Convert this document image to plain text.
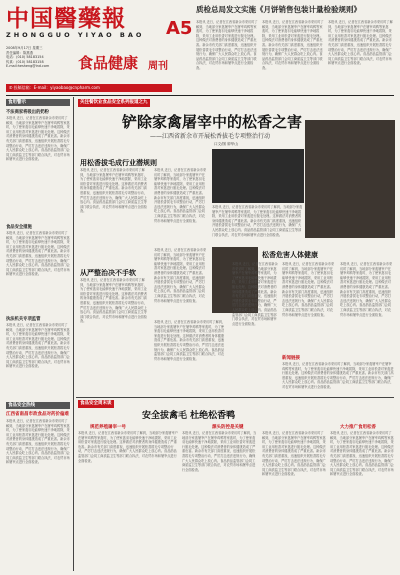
中国醫藥報
ZHONGGUO YIYAO BAO	A5
质检总局发文实施《月饼销售包装计量检验规则》
2008年9月17日 星期三
责任编辑：陈燕燕
电话：(010) 58183154
传真：(010) 58183158
E-mail:hesheng@ind.com	食品健康 周刊
✆ 投稿信箱：E-mail：yiyaobao@cnpharm.com
本报讯 近日，记者在江西省新余市采访时了解到，当地部分家禽屠宰户在屠宰鸡鸭等家禽时，为了使家禽羽毛能够快速干净地拔除，采用工业用松香对家禽进行脱毛处理。这种做法对消费者的身体健康造成了严重危害。新余市有关部门高度重视，迅速组织开展松香拔毛专项整治行动，严厉打击违法违规行为，确保广大人民群众吃上放心肉。食品药品监管部门会同工商质监卫生等部门联合执法，对农贸市场和屠宰点进行全面检查。
本报讯 近日，记者在江西省新余市采访时了解到，当地部分家禽屠宰户在屠宰鸡鸭等家禽时，为了使家禽羽毛能够快速干净地拔除，采用工业用松香对家禽进行脱毛处理。这种做法对消费者的身体健康造成了严重危害。新余市有关部门高度重视，迅速组织开展松香拔毛专项整治行动，严厉打击违法违规行为，确保广大人民群众吃上放心肉。食品药品监管部门会同工商质监卫生等部门联合执法，对农贸市场和屠宰点进行全面检查。
本报讯 近日，记者在江西省新余市采访时了解到，当地部分家禽屠宰户在屠宰鸡鸭等家禽时，为了使家禽羽毛能够快速干净地拔除，采用工业用松香对家禽进行脱毛处理。这种做法对消费者的身体健康造成了严重危害。新余市有关部门高度重视，迅速组织开展松香拔毛专项整治行动，严厉打击违法违规行为，确保广大人民群众吃上放心肉。食品药品监管部门会同工商质监卫生等部门联合执法，对农贸市场和屠宰点进行全面检查。
食用警示
不法商家将吸出的奶粉
本报讯 近日，记者在江西省新余市采访时了解到，当地部分家禽屠宰户在屠宰鸡鸭等家禽时，为了使家禽羽毛能够快速干净地拔除，采用工业用松香对家禽进行脱毛处理。这种做法对消费者的身体健康造成了严重危害。新余市有关部门高度重视，迅速组织开展松香拔毛专项整治行动，严厉打击违法违规行为，确保广大人民群众吃上放心肉。食品药品监管部门会同工商质监卫生等部门联合执法，对农贸市场和屠宰点进行全面检查。
食品安全措施
本报讯 近日，记者在江西省新余市采访时了解到，当地部分家禽屠宰户在屠宰鸡鸭等家禽时，为了使家禽羽毛能够快速干净地拔除，采用工业用松香对家禽进行脱毛处理。这种做法对消费者的身体健康造成了严重危害。新余市有关部门高度重视，迅速组织开展松香拔毛专项整治行动，严厉打击违法违规行为，确保广大人民群众吃上放心肉。食品药品监管部门会同工商质监卫生等部门联合执法，对农贸市场和屠宰点进行全面检查。
执法机关专项监管
本报讯 近日，记者在江西省新余市采访时了解到，当地部分家禽屠宰户在屠宰鸡鸭等家禽时，为了使家禽羽毛能够快速干净地拔除，采用工业用松香对家禽进行脱毛处理。这种做法对消费者的身体健康造成了严重危害。新余市有关部门高度重视，迅速组织开展松香拔毛专项整治行动，严厉打击违法违规行为，确保广大人民群众吃上放心肉。食品药品监管部门会同工商质监卫生等部门联合执法，对农贸市场和屠宰点进行全面检查。
食品安全热线
江西省南昌市政食品对药价偏难
本报讯 近日，记者在江西省新余市采访时了解到，当地部分家禽屠宰户在屠宰鸡鸭等家禽时，为了使家禽羽毛能够快速干净地拔除，采用工业用松香对家禽进行脱毛处理。这种做法对消费者的身体健康造成了严重危害。新余市有关部门高度重视，迅速组织开展松香拔毛专项整治行动，严厉打击违法违规行为，确保广大人民群众吃上放心肉。食品药品监管部门会同工商质监卫生等部门联合执法，对农贸市场和屠宰点进行全面检查。
关注餐饮业食品安全系列报道之九
铲除家禽屠宰中的松香之害
——江西省新余市开展松香拔毛专项整治行动
口文/图 廖华山
用松香拔毛成行业潜规则
本报讯 近日，记者在江西省新余市采访时了解到，当地部分家禽屠宰户在屠宰鸡鸭等家禽时，为了使家禽羽毛能够快速干净地拔除，采用工业用松香对家禽进行脱毛处理。这种做法对消费者的身体健康造成了严重危害。新余市有关部门高度重视，迅速组织开展松香拔毛专项整治行动，严厉打击违法违规行为，确保广大人民群众吃上放心肉。食品药品监管部门会同工商质监卫生等部门联合执法，对农贸市场和屠宰点进行全面检查。
本报讯 近日，记者在江西省新余市采访时了解到，当地部分家禽屠宰户在屠宰鸡鸭等家禽时，为了使家禽羽毛能够快速干净地拔除，采用工业用松香对家禽进行脱毛处理。这种做法对消费者的身体健康造成了严重危害。新余市有关部门高度重视，迅速组织开展松香拔毛专项整治行动，严厉打击违法违规行为，确保广大人民群众吃上放心肉。食品药品监管部门会同工商质监卫生等部门联合执法，对农贸市场和屠宰点进行全面检查。
本报讯 近日，记者在江西省新余市采访时了解到，当地部分家禽屠宰户在屠宰鸡鸭等家禽时，为了使家禽羽毛能够快速干净地拔除，采用工业用松香对家禽进行脱毛处理。这种做法对消费者的身体健康造成了严重危害。新余市有关部门高度重视，迅速组织开展松香拔毛专项整治行动，严厉打击违法违规行为，确保广大人民群众吃上放心肉。食品药品监管部门会同工商质监卫生等部门联合执法，对农贸市场和屠宰点进行全面检查。
本报讯 近日，记者在江西省新余市采访时了解到，当地部分家禽屠宰户在屠宰鸡鸭等家禽时，为了使家禽羽毛能够快速干净地拔除，采用工业用松香对家禽进行脱毛处理。这种做法对消费者的身体健康造成了严重危害。新余市有关部门高度重视，迅速组织开展松香拔毛专项整治行动，严厉打击违法违规行为，确保广大人民群众吃上放心肉。食品药品监管部门会同工商质监卫生等部门联合执法，对农贸市场和屠宰点进行全面检查。
从严整治决不手软
本报讯 近日，记者在江西省新余市采访时了解到，当地部分家禽屠宰户在屠宰鸡鸭等家禽时，为了使家禽羽毛能够快速干净地拔除，采用工业用松香对家禽进行脱毛处理。这种做法对消费者的身体健康造成了严重危害。新余市有关部门高度重视，迅速组织开展松香拔毛专项整治行动，严厉打击违法违规行为，确保广大人民群众吃上放心肉。食品药品监管部门会同工商质监卫生等部门联合执法，对农贸市场和屠宰点进行全面检查。	本报讯 近日，记者在江西省新余市采访时了解到，当地部分家禽屠宰户在屠宰鸡鸭等家禽时，为了使家禽羽毛能够快速干净地拔除，采用工业用松香对家禽进行脱毛处理。这种做法对消费者的身体健康造成了严重危害。新余市有关部门高度重视，迅速组织开展松香拔毛专项整治行动，严厉打击违法违规行为，确保广大人民群众吃上放心肉。食品药品监管部门会同工商质监卫生等部门联合执法，对农贸市场和屠宰点进行全面检查。
松香危害人体健康
本报讯 近日，记者在江西省新余市采访时了解到，当地部分家禽屠宰户在屠宰鸡鸭等家禽时，为了使家禽羽毛能够快速干净地拔除，采用工业用松香对家禽进行脱毛处理。这种做法对消费者的身体健康造成了严重危害。新余市有关部门高度重视，迅速组织开展松香拔毛专项整治行动，严厉打击违法违规行为，确保广大人民群众吃上放心肉。食品药品监管部门会同工商质监卫生等部门联合执法，对农贸市场和屠宰点进行全面检查。
本报讯 近日，记者在江西省新余市采访时了解到，当地部分家禽屠宰户在屠宰鸡鸭等家禽时，为了使家禽羽毛能够快速干净地拔除，采用工业用松香对家禽进行脱毛处理。这种做法对消费者的身体健康造成了严重危害。新余市有关部门高度重视，迅速组织开展松香拔毛专项整治行动，严厉打击违法违规行为，确保广大人民群众吃上放心肉。食品药品监管部门会同工商质监卫生等部门联合执法，对农贸市场和屠宰点进行全面检查。
本报讯 近日，记者在江西省新余市采访时了解到，当地部分家禽屠宰户在屠宰鸡鸭等家禽时，为了使家禽羽毛能够快速干净地拔除，采用工业用松香对家禽进行脱毛处理。这种做法对消费者的身体健康造成了严重危害。新余市有关部门高度重视，迅速组织开展松香拔毛专项整治行动，严厉打击违法违规行为，确保广大人民群众吃上放心肉。食品药品监管部门会同工商质监卫生等部门联合执法，对农贸市场和屠宰点进行全面检查。
新闻链接
本报讯 近日，记者在江西省新余市采访时了解到，当地部分家禽屠宰户在屠宰鸡鸭等家禽时，为了使家禽羽毛能够快速干净地拔除，采用工业用松香对家禽进行脱毛处理。这种做法对消费者的身体健康造成了严重危害。新余市有关部门高度重视，迅速组织开展松香拔毛专项整治行动，严厉打击违法违规行为，确保广大人民群众吃上放心肉。食品药品监管部门会同工商质监卫生等部门联合执法，对农贸市场和屠宰点进行全面检查。
食品安全周末谈
安全拔禽毛 杜绝松香鸭
规范养殖屠宰一号
本报讯 近日，记者在江西省新余市采访时了解到，当地部分家禽屠宰户在屠宰鸡鸭等家禽时，为了使家禽羽毛能够快速干净地拔除，采用工业用松香对家禽进行脱毛处理。这种做法对消费者的身体健康造成了严重危害。新余市有关部门高度重视，迅速组织开展松香拔毛专项整治行动，严厉打击违法违规行为，确保广大人民群众吃上放心肉。食品药品监管部门会同工商质监卫生等部门联合执法，对农贸市场和屠宰点进行全面检查。
源头防控是关键
本报讯 近日，记者在江西省新余市采访时了解到，当地部分家禽屠宰户在屠宰鸡鸭等家禽时，为了使家禽羽毛能够快速干净地拔除，采用工业用松香对家禽进行脱毛处理。这种做法对消费者的身体健康造成了严重危害。新余市有关部门高度重视，迅速组织开展松香拔毛专项整治行动，严厉打击违法违规行为，确保广大人民群众吃上放心肉。食品药品监管部门会同工商质监卫生等部门联合执法，对农贸市场和屠宰点进行全面检查。
本报讯 近日，记者在江西省新余市采访时了解到，当地部分家禽屠宰户在屠宰鸡鸭等家禽时，为了使家禽羽毛能够快速干净地拔除，采用工业用松香对家禽进行脱毛处理。这种做法对消费者的身体健康造成了严重危害。新余市有关部门高度重视，迅速组织开展松香拔毛专项整治行动，严厉打击违法违规行为，确保广大人民群众吃上放心肉。食品药品监管部门会同工商质监卫生等部门联合执法，对农贸市场和屠宰点进行全面检查。
大力推广食用松香
本报讯 近日，记者在江西省新余市采访时了解到，当地部分家禽屠宰户在屠宰鸡鸭等家禽时，为了使家禽羽毛能够快速干净地拔除，采用工业用松香对家禽进行脱毛处理。这种做法对消费者的身体健康造成了严重危害。新余市有关部门高度重视，迅速组织开展松香拔毛专项整治行动，严厉打击违法违规行为，确保广大人民群众吃上放心肉。食品药品监管部门会同工商质监卫生等部门联合执法，对农贸市场和屠宰点进行全面检查。
